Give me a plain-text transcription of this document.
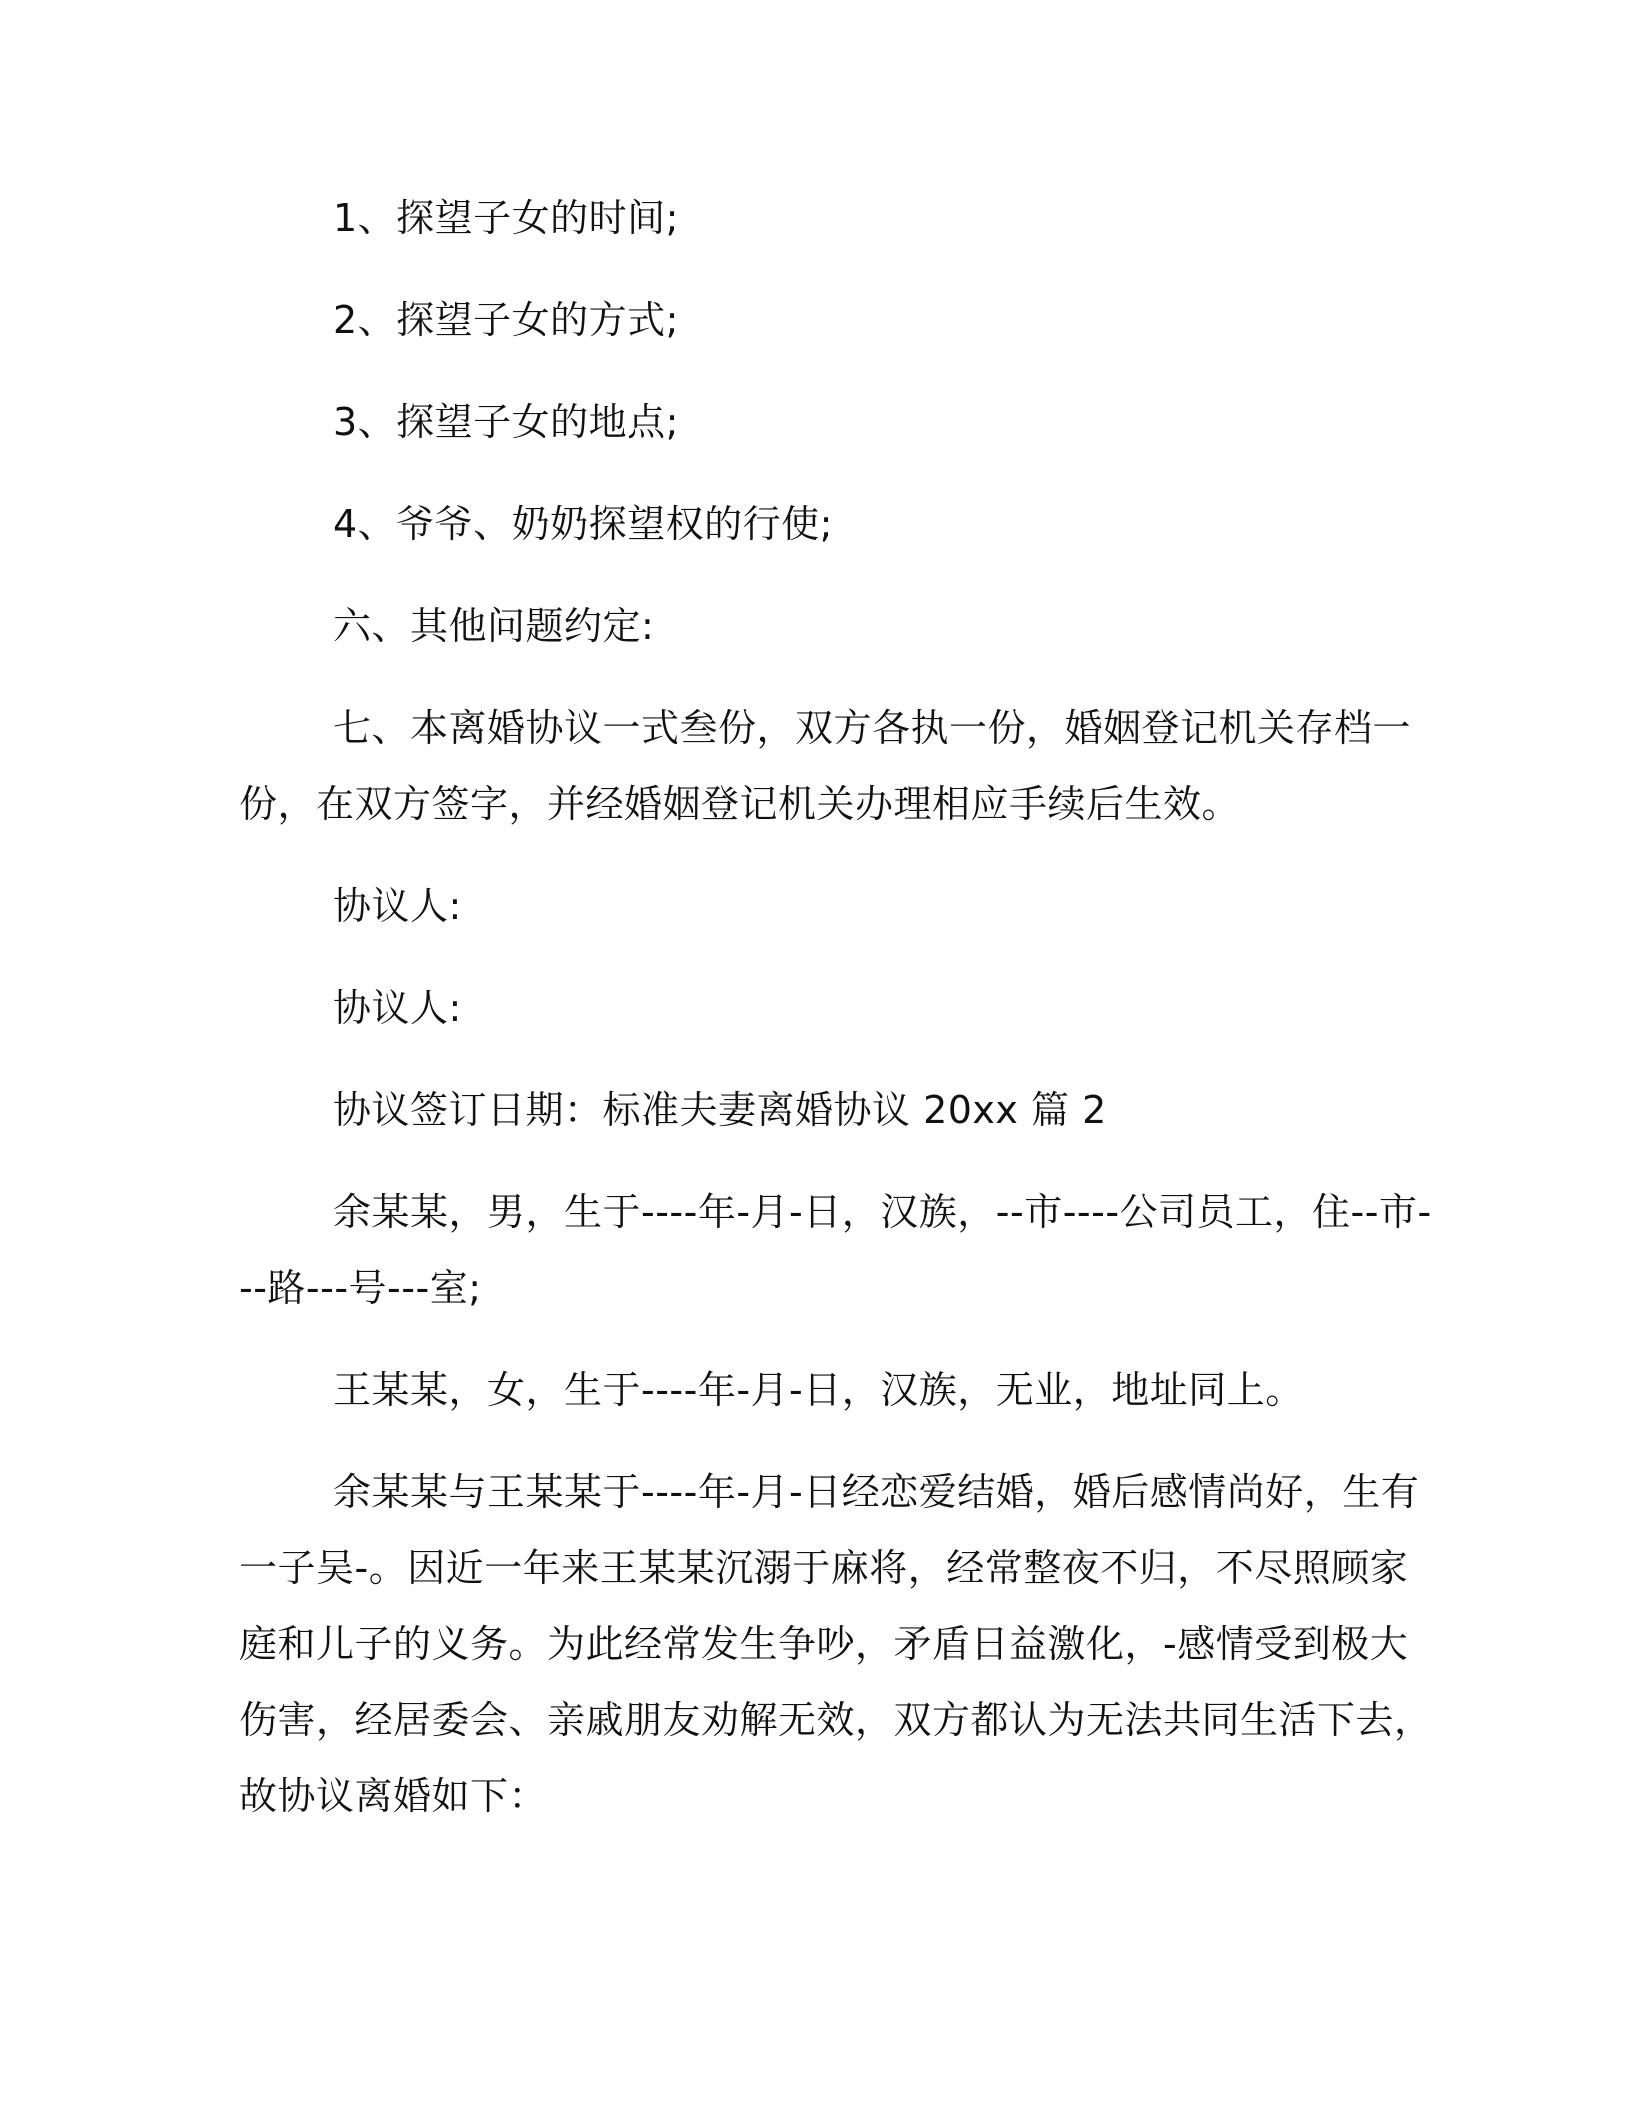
1、探望子女的时间;
2、探望子女的方式;
3、探望子女的地点;
4、爷爷、奶奶探望权的行使;
六、其他问题约定:
七、本离婚协议一式叁份，双方各执一份，婚姻登记机关存档一
份，在双方签字，并经婚姻登记机关办理相应手续后生效。
协议人:
协议人:
协议签订日期：标准夫妻离婚协议 20xx 篇 2
余某某，男，生于----年-月-日，汉族，--市----公司员工，住--市-
--路---号---室;
王某某，女，生于----年-月-日，汉族，无业，地址同上。
余某某与王某某于----年-月-日经恋爱结婚，婚后感情尚好，生有
一子吴-。因近一年来王某某沉溺于麻将，经常整夜不归，不尽照顾家
庭和儿子的义务。为此经常发生争吵，矛盾日益激化，-感情受到极大
伤害，经居委会、亲戚朋友劝解无效，双方都认为无法共同生活下去，
故协议离婚如下：
